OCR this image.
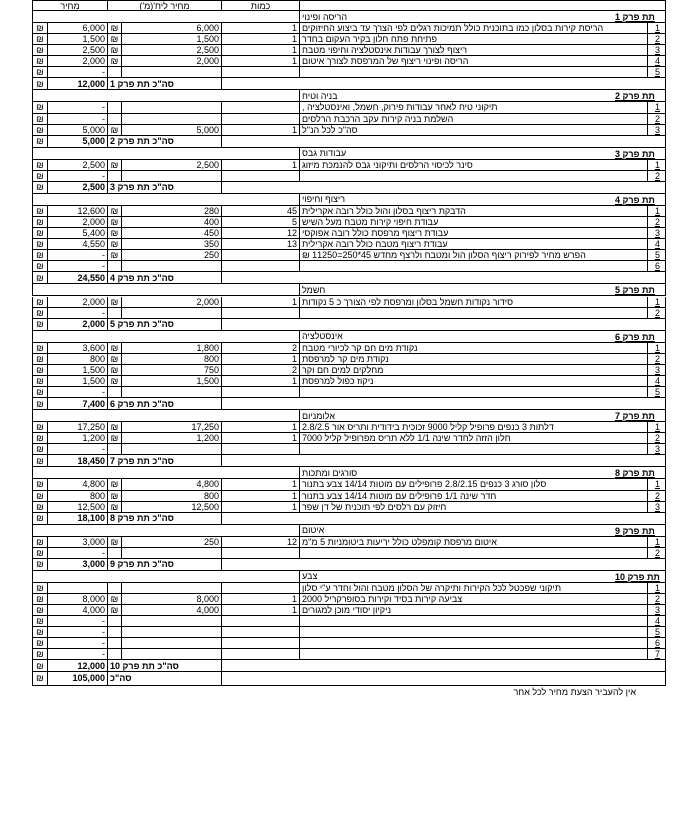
מחיר	מחיר ליח'(מ')	כמות
הריסה ופינוי	תת פרק 1
₪	6,000 ₪	6,000	1 הריסת קירות בסלון כמו בתוכנית כולל תמיכות רגלים לפי הצרך עד ביצוע החיזוקים	1
₪	1,500 ₪	1,500	1 פתיחת פתח חלון בקיר העקום בחדר	2
₪	2,500 ₪	2,500	1 ריצוף לצורך עבודות אינסטלציה וחיפוי מטבח	3
₪	2,000 ₪	2,000	1 הריסה ופינוי ריצוף של המרפסת לצורך איטום	4
₪	-	5
₪	12,000 סה"כ תת פרק 1
בניה וטיח	תת פרק 2
₪	-	תיקוני טיח לאחר עבודות פירוק, חשמל, ואינסטלציה ,	1
₪	-	השלמת בניה קירות עקב הרכבת הרלסים	2
₪	5,000 ₪	5,000	1 סה"כ לכל הנ"ל	3
₪	5,000 סה"כ תת פרק 2
עבודות גבס	תת פרק 3
₪	2,500 ₪	2,500	1 סינר לכיסוי הרלסים ותיקוני גבס להנמכת מיזוג	1
₪	-	2
₪	2,500 סה"כ תת פרק 3
ריצוף וחיפוי	תת פרק 4
₪	12,600 ₪	280	45 הדבקת ריצוף בסלון והול כולל רובה אקרילית	1
₪	2,000 ₪	400	5 עבודת חיפוי קירות מטבח מעל השיש	2
₪	5,400 ₪	450	12 עבודת ריצוף מרפסת כולל רובה אפוקסי	3
₪	4,550 ₪	350	13 עבודת ריצוף מטבח כולל רובה אקרילית	4
₪	- ₪	250	הפרש מחיר לפירוק ריצוף הסלון הול ומטבח ולרצף מחדש 45*250=11250 ₪	5
₪	-	6
₪	24,550 סה"כ תת פרק 4
חשמל	תת פרק 5
₪	2,000 ₪	2,000	1 סידור נקודות חשמל בסלון ומרפסת לפי הצורך כ 5 נקודות	1
₪	-	2
₪	2,000 סה"כ תת פרק 5
אינסטלציה	תת פרק 6
₪	3,600 ₪	1,800	2 נקודת מים חם קר לכיורי מטבח	1
₪	800 ₪	800	1 נקודת מים קר למרפסת	2
₪	1,500 ₪	750	2 מחלקים למים חם וקר	3
₪	1,500 ₪	1,500	1 ניקוז כפול למרפסת	4
₪	-	5
₪	7,400 סה"כ תת פרק 6
אלומניום	תת פרק 7
₪	17,250 ₪	17,250	1 דלתות 3 כנפים פרופיל קליל 9000 זכוכית בידודית ותריס אור 2.8/2.5	1
₪	1,200 ₪	1,200	1 חלון הזזה לחדר שינה 1/1 ללא תריס מפרופיל קליל 7000	2
₪	-	3
₪	18,450 סה"כ תת פרק 7
סורגים ומתכות	תת פרק 8
₪	4,800 ₪	4,800	1 סלון סורג 3 כנפים 2.8/2.15 פרופילים עם מוטות 14/14 צבע בתנור	1
₪	800 ₪	800	1 חדר שינה 1/1 פרופילים עם מוטות 14/14 צבע בתנור	2
₪	12,500 ₪	12,500	1 חיזוק עם רלסים לפי תוכנית של דן שפר	3
₪	18,100 סה"כ תת פרק 8
איטום	תת פרק 9
₪	3,000 ₪	250	12 איטום מרפסת קומפלט כולל יריעות ביטומניות 5 מ"מ	1
₪	-	2
₪	3,000 סה"כ תת פרק 9
צבע	תת פרק 10
₪	תיקוני שפכטל לכל הקירות ותיקרה של הסלון מטבח והול וחדר ע"י סלון	1
₪	8,000 ₪	8,000	1 צביעה קירות בסיד וקירות בסופרקריל 2000	2
₪	4,000 ₪	4,000	1 ניקיון יסודי מוכן למגורים	3
₪	-	4
₪	-	5
₪	-	6
₪	-	7
₪	12,000 סה"כ תת פרק 10
₪	105,000 סה"כ
אין להעביר הצעת מחיר לכל אחר
